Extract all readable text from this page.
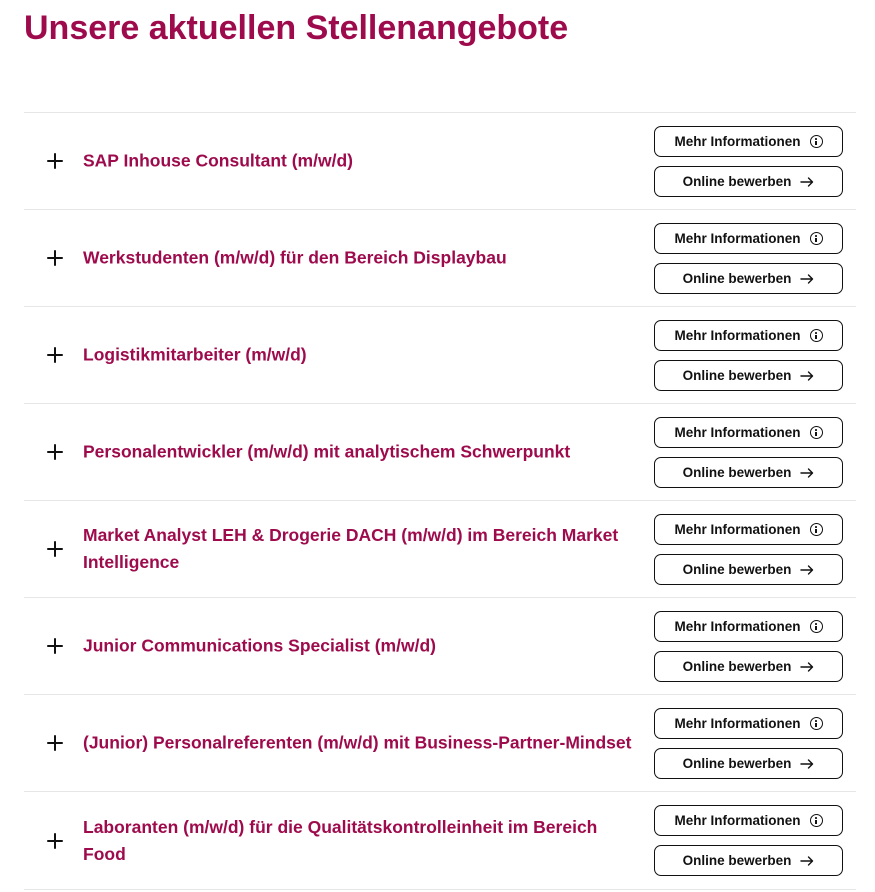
Unsere aktuellen Stellenangebote
SAP Inhouse Consultant (m/w/d)
Mehr Informationen
Online bewerben
Werkstudenten (m/w/d) für den Bereich Displaybau
Mehr Informationen
Online bewerben
Logistikmitarbeiter (m/w/d)
Mehr Informationen
Online bewerben
Personalentwickler (m/w/d) mit analytischem Schwerpunkt
Mehr Informationen
Online bewerben
Market Analyst LEH & Drogerie DACH (m/w/d) im Bereich Market Intelligence
Mehr Informationen
Online bewerben
Junior Communications Specialist (m/w/d)
Mehr Informationen
Online bewerben
(Junior) Personalreferenten (m/w/d) mit Business-Partner-Mindset
Mehr Informationen
Online bewerben
Laboranten (m/w/d) für die Qualitätskontrolleinheit im Bereich Food
Mehr Informationen
Online bewerben
